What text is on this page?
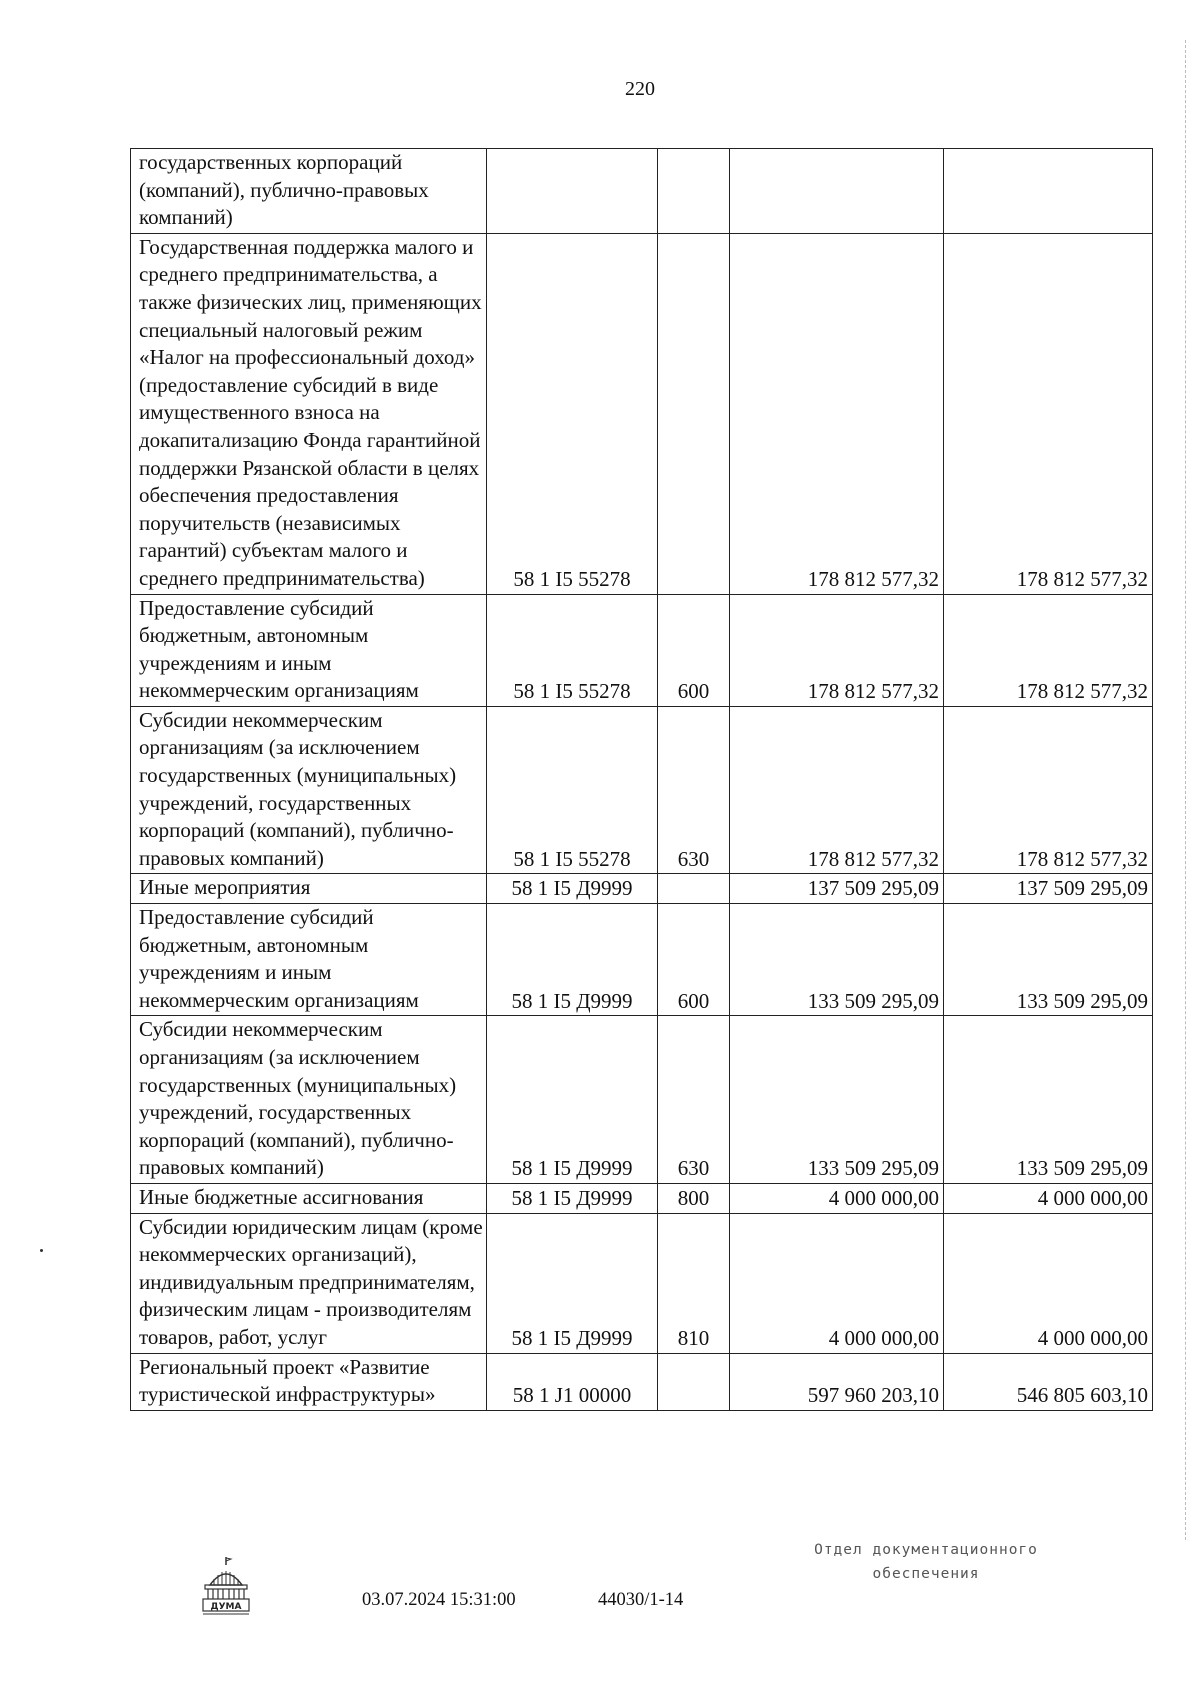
220
государственных корпораций (компаний), публично-правовых компаний)				
Государственная поддержка малого и среднего предпринимательства, а также физических лиц, применяющих специальный налоговый режим «Налог на профессиональный доход» (предоставление субсидий в виде имущественного взноса на докапитализацию Фонда гарантийной поддержки Рязанской области в целях обеспечения предоставления поручительств (независимых гарантий) субъектам малого и среднего предпринимательства)	58 1 I5 55278		178 812 577,32	178 812 577,32
Предоставление субсидий бюджетным, автономным учреждениям и иным некоммерческим организациям	58 1 I5 55278	600	178 812 577,32	178 812 577,32
Субсидии некоммерческим организациям (за исключением государственных (муниципальных) учреждений, государственных корпораций (компаний), публично-правовых компаний)	58 1 I5 55278	630	178 812 577,32	178 812 577,32
Иные мероприятия	58 1 I5 Д9999		137 509 295,09	137 509 295,09
Предоставление субсидий бюджетным, автономным учреждениям и иным некоммерческим организациям	58 1 I5 Д9999	600	133 509 295,09	133 509 295,09
Субсидии некоммерческим организациям (за исключением государственных (муниципальных) учреждений, государственных корпораций (компаний), публично-правовых компаний)	58 1 I5 Д9999	630	133 509 295,09	133 509 295,09
Иные бюджетные ассигнования	58 1 I5 Д9999	800	4 000 000,00	4 000 000,00
Субсидии юридическим лицам (кроме некоммерческих организаций), индивидуальным предпринимателям, физическим лицам - производителям товаров, работ, услуг	58 1 I5 Д9999	810	4 000 000,00	4 000 000,00
Региональный проект «Развитие туристической инфраструктуры»	58 1 J1 00000		597 960 203,10	546 805 603,10
ДУМА	03.07.2024 15:31:00	44030/1-14
Отдел документационного
обеспечения
